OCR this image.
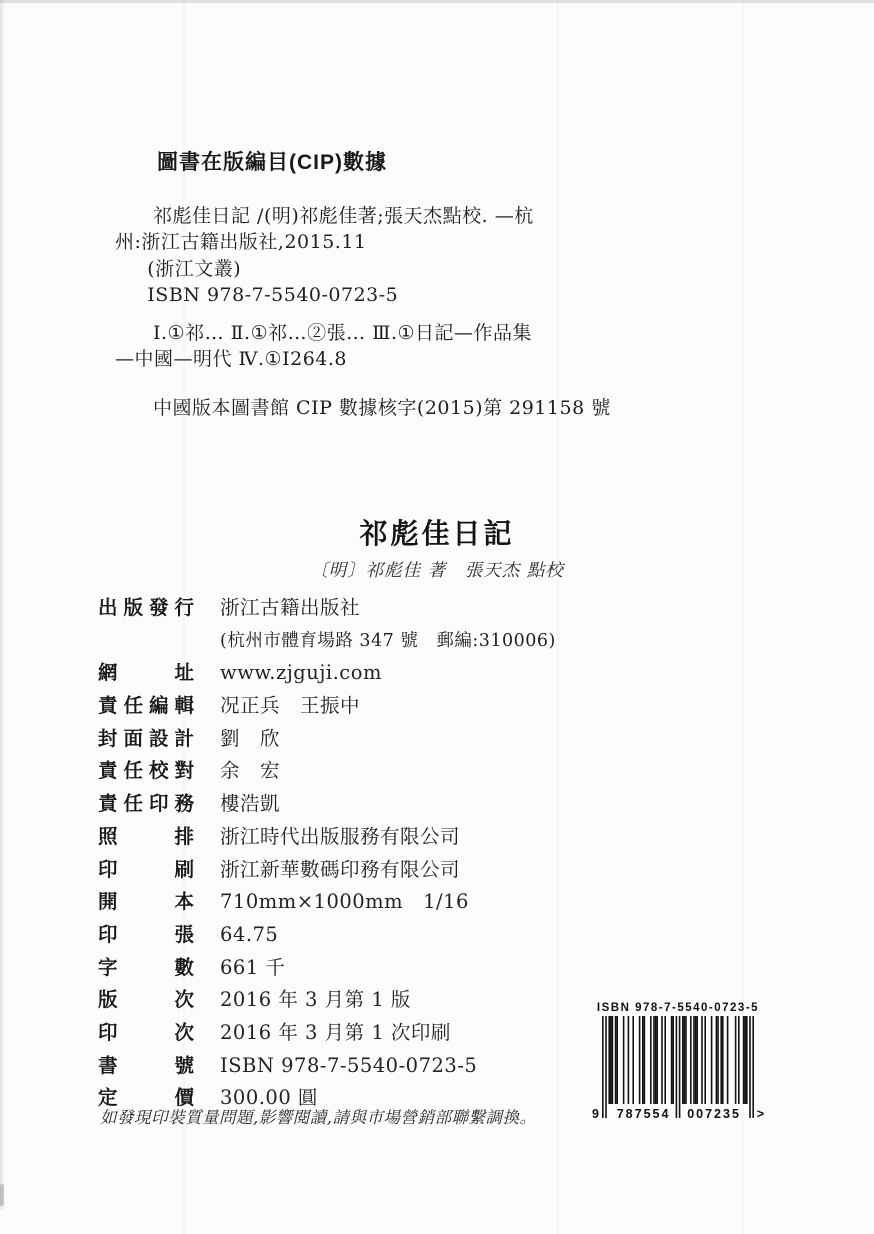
圖書在版編目(CIP)數據
祁彪佳日記 /(明)祁彪佳著;張天杰點校. —杭
州:浙江古籍出版社,2015.11
(浙江文叢)
ISBN 978-7-5540-0723-5
Ⅰ.①祁… Ⅱ.①祁…②張… Ⅲ.①日記—作品集
—中國—明代 Ⅳ.①I264.8
中國版本圖書館 CIP 數據核字(2015)第 291158 號
祁彪佳日記
〔明〕祁彪佳 著　張天杰 點校
出版發行 浙江古籍出版社
(杭州市體育場路 347 號　郵編:310006)
網址 www.zjguji.com
責任編輯 况正兵　王振中
封面設計 劉　欣
責任校對 余　宏
責任印務 樓浩凱
照排 浙江時代出版服務有限公司
印刷 浙江新華數碼印務有限公司
開本 710mm×1000mm　1/16
印張 64.75
字數 661 千
版次 2016 年 3 月第 1 版
印次 2016 年 3 月第 1 次印刷
書號 ISBN 978-7-5540-0723-5
定價 300.00 圓
如發現印裝質量問題,影響閱讀,請與市場營銷部聯繫調換。
ISBN 978-7-5540-0723-5
9 787554 007235 >
